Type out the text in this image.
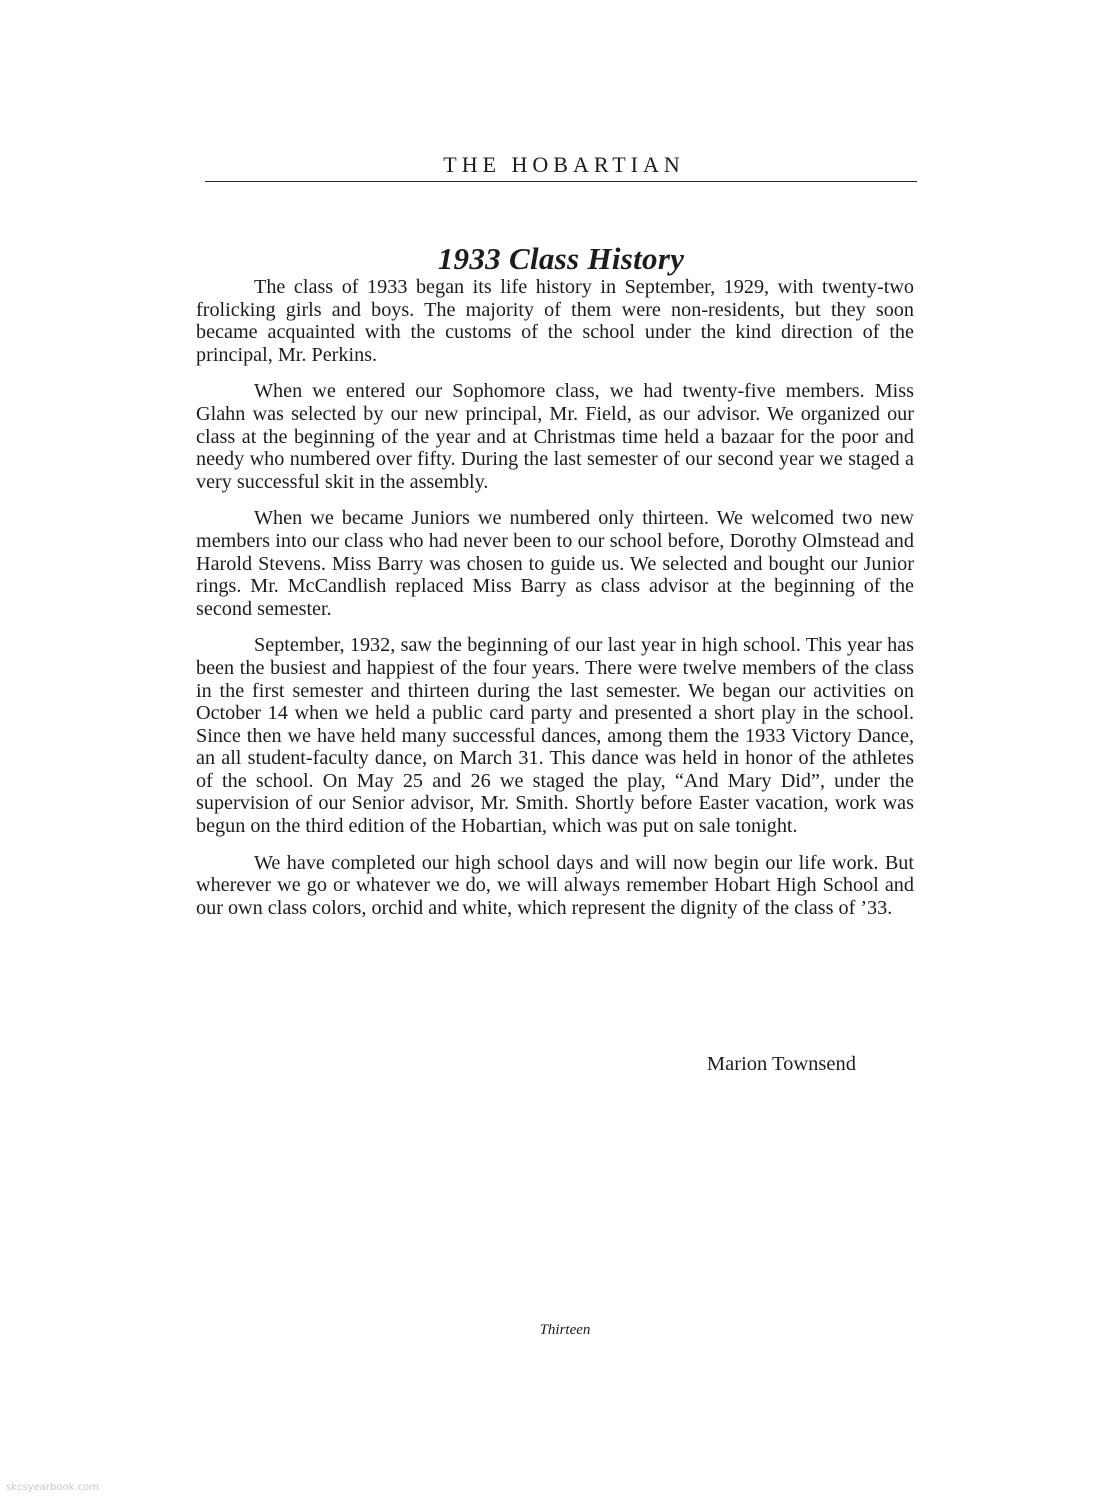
THE HOBARTIAN
1933 Class History

The class of 1933 began its life history in September, 1929, with twenty-two frolicking girls and boys. The majority of them were non-residents, but they soon became acquainted with the customs of the school under the kind direction of the principal, Mr. Perkins.

When we entered our Sophomore class, we had twenty-five members. Miss Glahn was selected by our new principal, Mr. Field, as our advisor. We organized our class at the beginning of the year and at Christmas time held a bazaar for the poor and needy who numbered over fifty. During the last semester of our second year we staged a very successful skit in the assembly.

When we became Juniors we numbered only thirteen. We welcomed two new members into our class who had never been to our school before, Dorothy Olmstead and Harold Stevens. Miss Barry was chosen to guide us. We selected and bought our Junior rings. Mr. McCandlish replaced Miss Barry as class advisor at the beginning of the second semester.

September, 1932, saw the beginning of our last year in high school. This year has been the busiest and happiest of the four years. There were twelve members of the class in the first semester and thirteen during the last semester. We began our activities on October 14 when we held a public card party and presented a short play in the school. Since then we have held many successful dances, among them the 1933 Victory Dance, an all student-faculty dance, on March 31. This dance was held in honor of the athletes of the school. On May 25 and 26 we staged the play, “And Mary Did”, under the supervision of our Senior advisor, Mr. Smith. Shortly before Easter vacation, work was begun on the third edition of the Hobartian, which was put on sale tonight.

We have completed our high school days and will now begin our life work. But wherever we go or whatever we do, we will always remember Hobart High School and our own class colors, orchid and white, which represent the dignity of the class of ’33.

Marion Townsend
Thirteen
skcsyearbook.com
